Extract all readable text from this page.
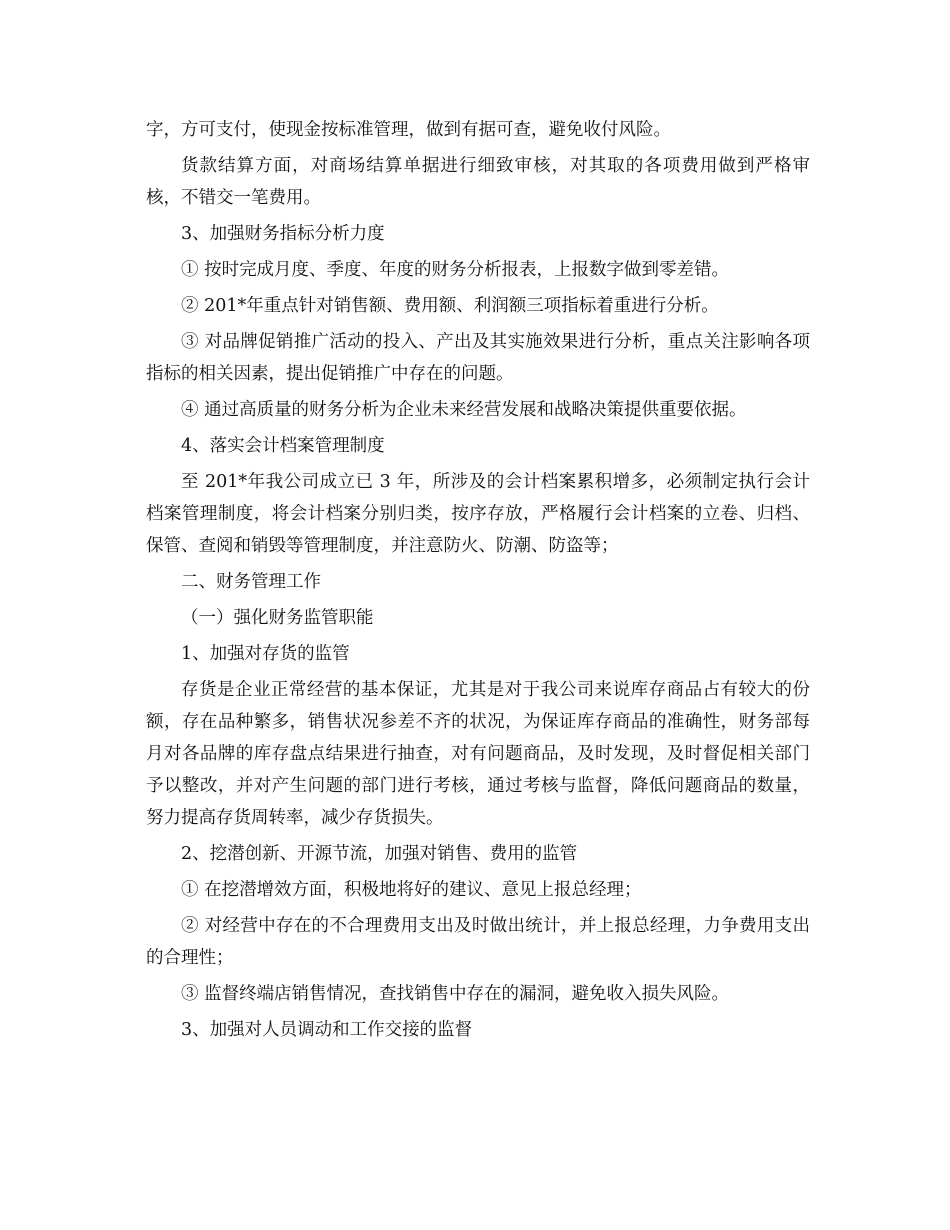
字，方可支付，使现金按标准管理，做到有据可查，避免收付风险。

货款结算方面，对商场结算单据进行细致审核，对其取的各项费用做到严格审核，不错交一笔费用。

3、加强财务指标分析力度

① 按时完成月度、季度、年度的财务分析报表，上报数字做到零差错。

② 201*年重点针对销售额、费用额、利润额三项指标着重进行分析。

③ 对品牌促销推广活动的投入、产出及其实施效果进行分析，重点关注影响各项指标的相关因素，提出促销推广中存在的问题。

④ 通过高质量的财务分析为企业未来经营发展和战略决策提供重要依据。

4、落实会计档案管理制度

至 201*年我公司成立已 3 年，所涉及的会计档案累积增多，必须制定执行会计档案管理制度，将会计档案分别归类，按序存放，严格履行会计档案的立卷、归档、保管、查阅和销毁等管理制度，并注意防火、防潮、防盗等；

二、财务管理工作

（一）强化财务监管职能

1、加强对存货的监管

存货是企业正常经营的基本保证，尤其是对于我公司来说库存商品占有较大的份额，存在品种繁多，销售状况参差不齐的状况，为保证库存商品的准确性，财务部每月对各品牌的库存盘点结果进行抽查，对有问题商品，及时发现，及时督促相关部门予以整改，并对产生问题的部门进行考核，通过考核与监督，降低问题商品的数量，努力提高存货周转率，减少存货损失。

2、挖潜创新、开源节流，加强对销售、费用的监管

① 在挖潜增效方面，积极地将好的建议、意见上报总经理；

② 对经营中存在的不合理费用支出及时做出统计，并上报总经理，力争费用支出的合理性；

③ 监督终端店销售情况，查找销售中存在的漏洞，避免收入损失风险。

3、加强对人员调动和工作交接的监督
